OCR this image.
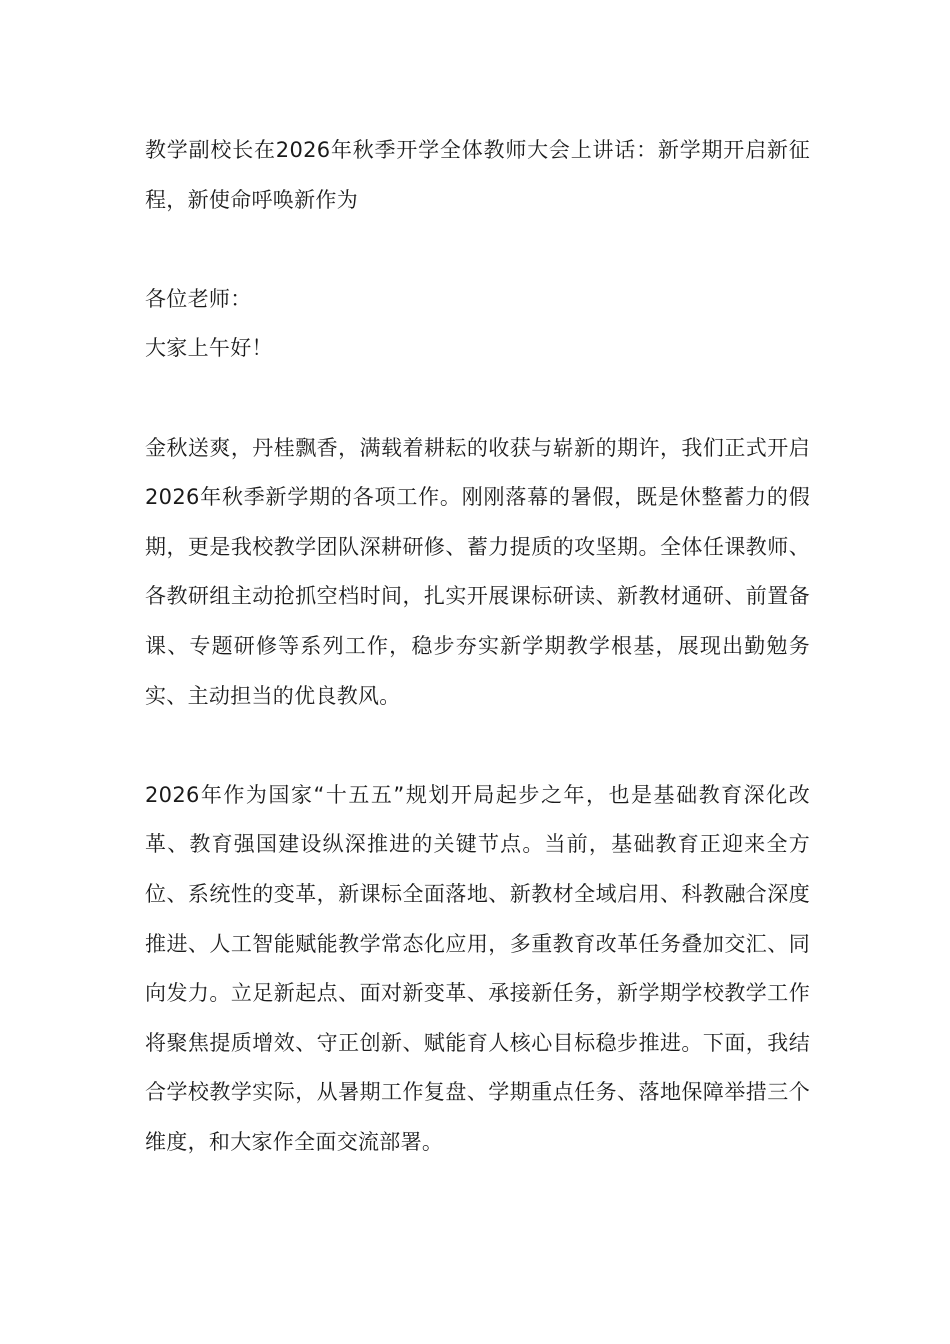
教学副校长在2026年秋季开学全体教师大会上讲话：新学期开启新征程，新使命呼唤新作为

各位老师：

大家上午好！

金秋送爽，丹桂飘香，满载着耕耘的收获与崭新的期许，我们正式开启2026年秋季新学期的各项工作。刚刚落幕的暑假，既是休整蓄力的假期，更是我校教学团队深耕研修、蓄力提质的攻坚期。全体任课教师、各教研组主动抢抓空档时间，扎实开展课标研读、新教材通研、前置备课、专题研修等系列工作，稳步夯实新学期教学根基，展现出勤勉务实、主动担当的优良教风。

2026年作为国家“十五五”规划开局起步之年，也是基础教育深化改革、教育强国建设纵深推进的关键节点。当前，基础教育正迎来全方位、系统性的变革，新课标全面落地、新教材全域启用、科教融合深度推进、人工智能赋能教学常态化应用，多重教育改革任务叠加交汇、同向发力。立足新起点、面对新变革、承接新任务，新学期学校教学工作将聚焦提质增效、守正创新、赋能育人核心目标稳步推进。下面，我结合学校教学实际，从暑期工作复盘、学期重点任务、落地保障举措三个维度，和大家作全面交流部署。
